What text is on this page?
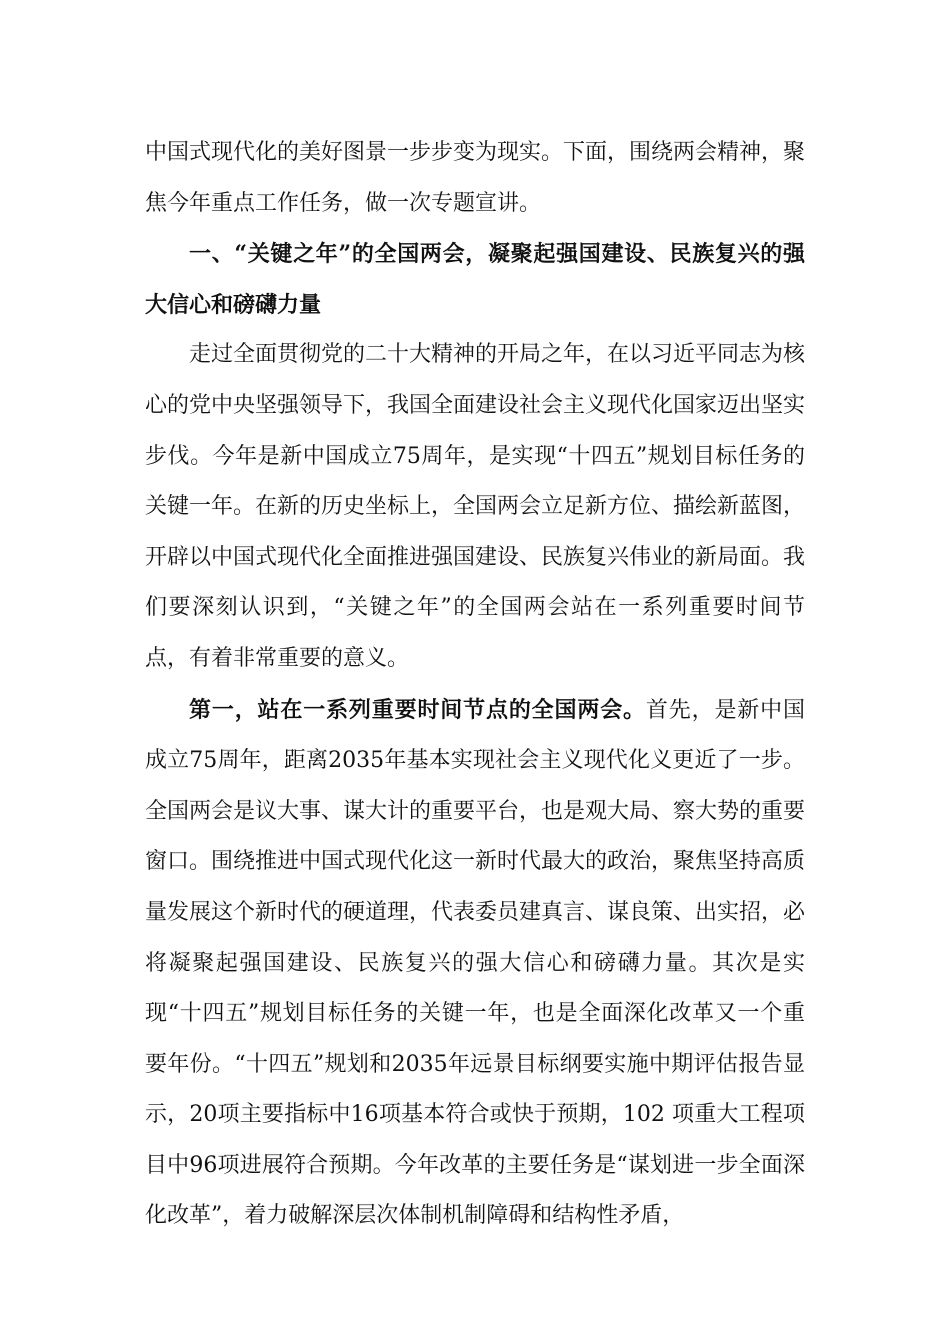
中国式现代化的美好图景一步步变为现实。下面，围绕两会精神，聚焦今年重点工作任务，做一次专题宣讲。

一、“关键之年”的全国两会，凝聚起强国建设、民族复兴的强大信心和磅礴力量

走过全面贯彻党的二十大精神的开局之年，在以习近平同志为核心的党中央坚强领导下，我国全面建设社会主义现代化国家迈出坚实步伐。今年是新中国成立75周年，是实现“十四五”规划目标任务的关键一年。在新的历史坐标上，全国两会立足新方位、描绘新蓝图，开辟以中国式现代化全面推进强国建设、民族复兴伟业的新局面。我们要深刻认识到，“关键之年”的全国两会站在一系列重要时间节点，有着非常重要的意义。

第一，站在一系列重要时间节点的全国两会。首先，是新中国成立75周年，距离2035年基本实现社会主义现代化义更近了一步。全国两会是议大事、谋大计的重要平台，也是观大局、察大势的重要窗口。围绕推进中国式现代化这一新时代最大的政治，聚焦坚持高质量发展这个新时代的硬道理，代表委员建真言、谋良策、出实招，必将凝聚起强国建设、民族复兴的强大信心和磅礴力量。其次是实现“十四五”规划目标任务的关键一年，也是全面深化改革又一个重要年份。“十四五”规划和2035年远景目标纲要实施中期评估报告显示，20项主要指标中16项基本符合或快于预期，102 项重大工程项目中96项进展符合预期。今年改革的主要任务是“谋划进一步全面深化改革”，着力破解深层次体制机制障碍和结构性矛盾，
